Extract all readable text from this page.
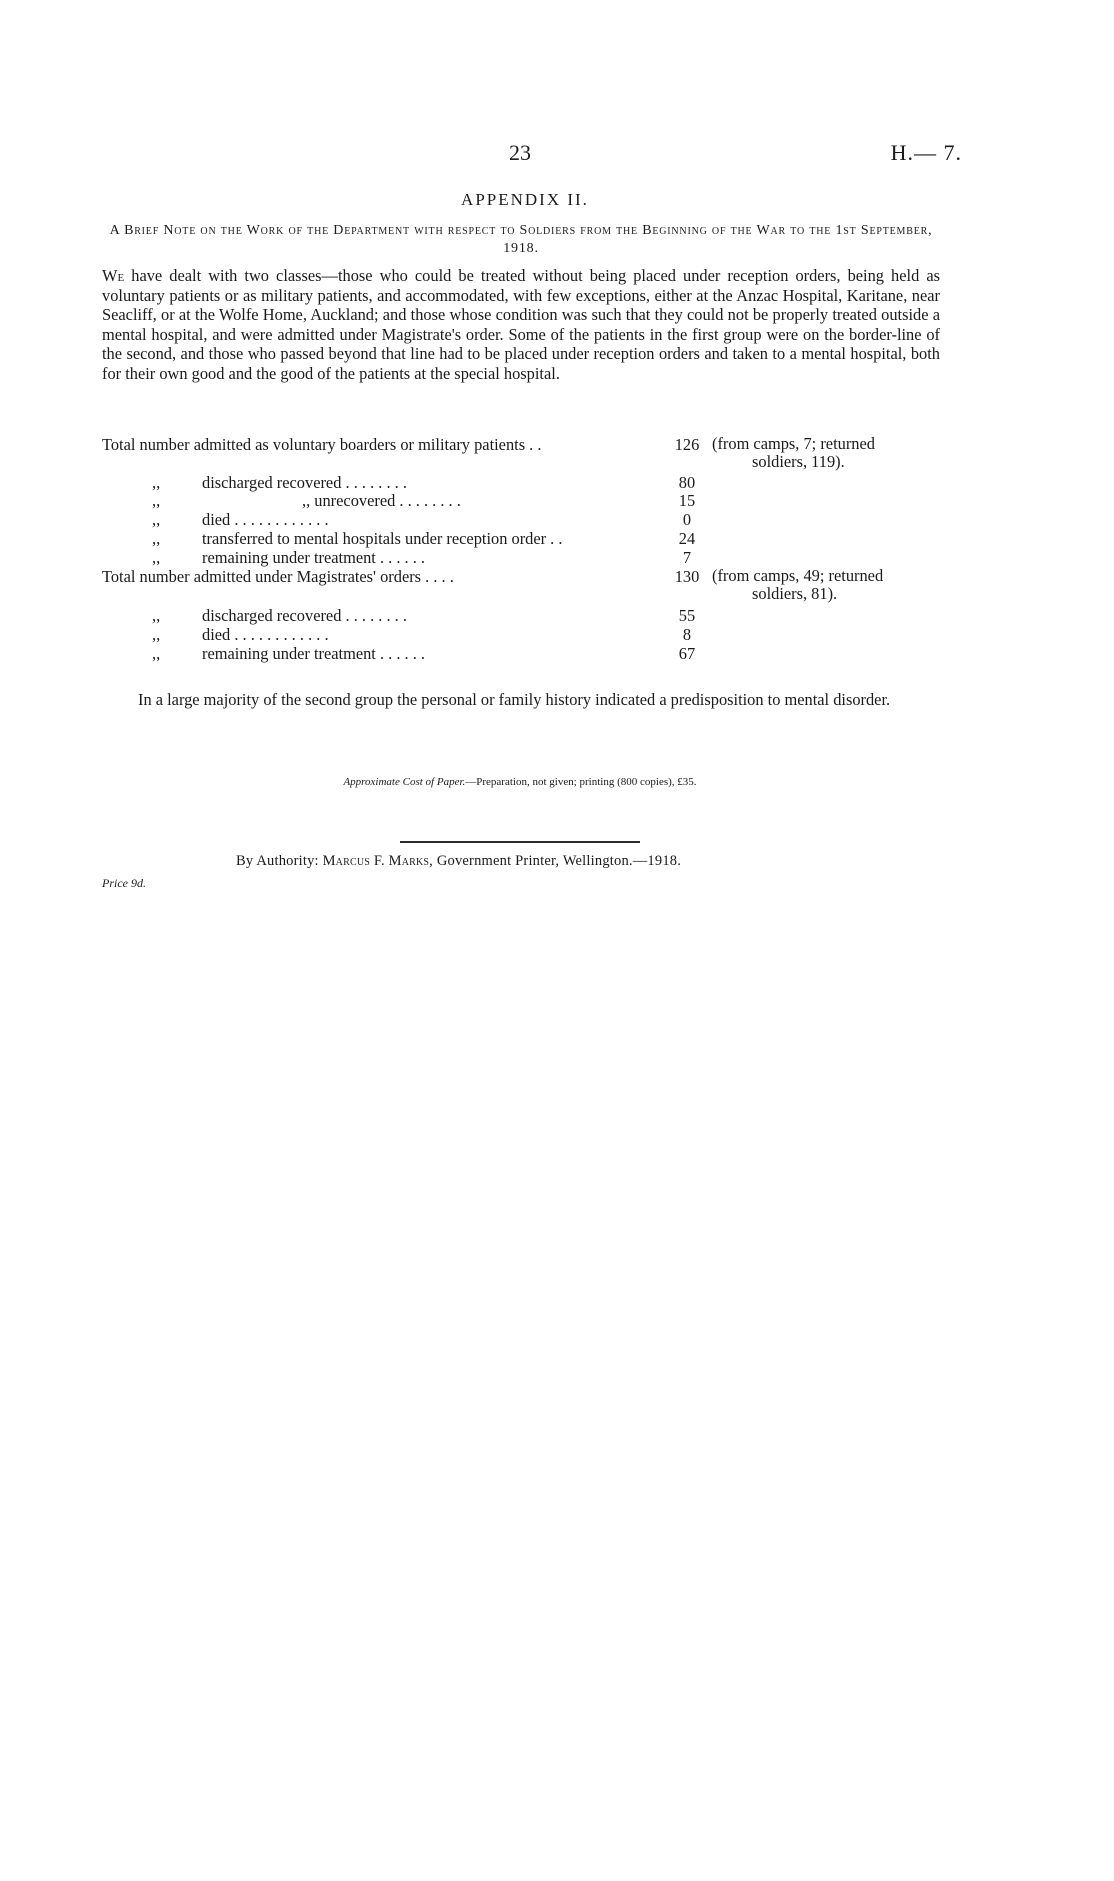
23	H.— 7.
APPENDIX II.
A Brief Note on the Work of the Department with respect to Soldiers from the Beginning of the War to the 1st September, 1918.
We have dealt with two classes—those who could be treated without being placed under reception orders, being held as voluntary patients or as military patients, and accommodated, with few exceptions, either at the Anzac Hospital, Karitane, near Seacliff, or at the Wolfe Home, Auckland; and those whose condition was such that they could not be properly treated outside a mental hospital, and were admitted under Magistrate's order. Some of the patients in the first group were on the border-line of the second, and those who passed beyond that line had to be placed under reception orders and taken to a mental hospital, both for their own good and the good of the patients at the special hospital.
Total number admitted as voluntary boarders or military patients . .	126 (from camps, 7; returned
soldiers, 119).
,,	discharged recovered . . . . . . . .	80
,,	,, unrecovered . . . . . . . .	15
,,	died . . . . . . . . . . . .	0
,,	transferred to mental hospitals under reception order . .	24
,,	remaining under treatment . . . . . .	7
Total number admitted under Magistrates' orders . . . .	130 (from camps, 49; returned
soldiers, 81).
,,	discharged recovered . . . . . . . .	55
,,	died . . . . . . . . . . . .	8
,,	remaining under treatment . . . . . .	67
In a large majority of the second group the personal or family history indicated a predisposition to mental disorder.
Approximate Cost of Paper.—Preparation, not given; printing (800 copies), £35.
By Authority: Marcus F. Marks, Government Printer, Wellington.—1918.
Price 9d.
